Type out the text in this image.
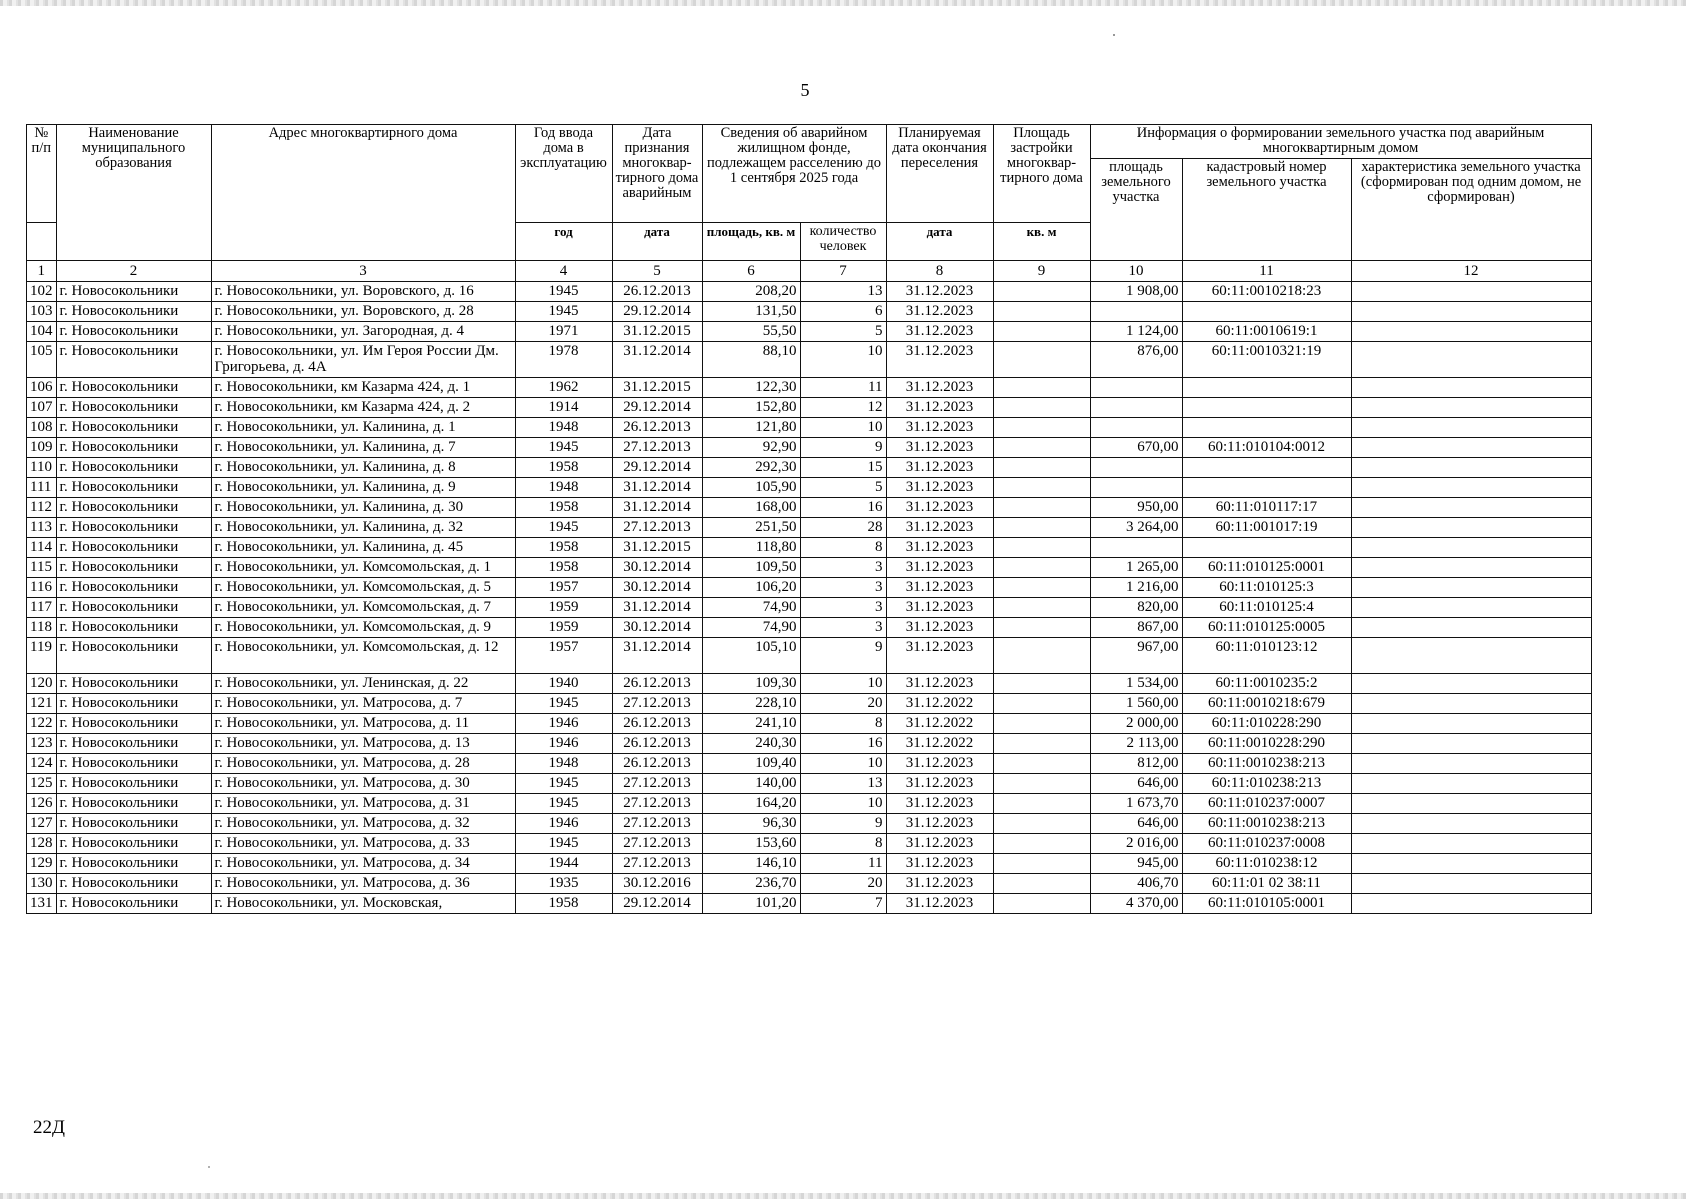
5
№ п/п	Наименование муниципального образования	Адрес многоквартирного дома	Год ввода дома в эксплуатацию	Дата признания многоквар-тирного дома аварийным	Сведения об аварийном жилищном фонде, подлежащем расселению до 1 сентября 2025 года		Планируемая дата окончания переселения	Площадь застройки многоквар-тирного дома	Информация о формировании земельного участка под аварийным многоквартирным домом		
									площадь земельного участка	кадастровый номер земельного участка	характеристика земельного участка (сформирован под одним домом, не сформирован)
			год	дата	площадь, кв. м	количество человек	дата	кв. м			

1	2	3	4	5	6	7	8	9	10	11	12
102	г. Новосокольники	г. Новосокольники, ул. Воровского, д. 16	1945	26.12.2013	208,20	13	31.12.2023		1 908,00	60:11:0010218:23	
103	г. Новосокольники	г. Новосокольники, ул. Воровского, д. 28	1945	29.12.2014	131,50	6	31.12.2023				
104	г. Новосокольники	г. Новосокольники, ул. Загородная, д. 4	1971	31.12.2015	55,50	5	31.12.2023		1 124,00	60:11:0010619:1	
105	г. Новосокольники	г. Новосокольники, ул. Им Героя России Дм. Григорьева, д. 4А	1978	31.12.2014	88,10	10	31.12.2023		876,00	60:11:0010321:19	
106	г. Новосокольники	г. Новосокольники, км Казарма 424, д. 1	1962	31.12.2015	122,30	11	31.12.2023				
107	г. Новосокольники	г. Новосокольники, км Казарма 424, д. 2	1914	29.12.2014	152,80	12	31.12.2023				
108	г. Новосокольники	г. Новосокольники, ул. Калинина, д. 1	1948	26.12.2013	121,80	10	31.12.2023				
109	г. Новосокольники	г. Новосокольники, ул. Калинина, д. 7	1945	27.12.2013	92,90	9	31.12.2023		670,00	60:11:010104:0012	
110	г. Новосокольники	г. Новосокольники, ул. Калинина, д. 8	1958	29.12.2014	292,30	15	31.12.2023				
111	г. Новосокольники	г. Новосокольники, ул. Калинина, д. 9	1948	31.12.2014	105,90	5	31.12.2023				
112	г. Новосокольники	г. Новосокольники, ул. Калинина, д. 30	1958	31.12.2014	168,00	16	31.12.2023		950,00	60:11:010117:17	
113	г. Новосокольники	г. Новосокольники, ул. Калинина, д. 32	1945	27.12.2013	251,50	28	31.12.2023		3 264,00	60:11:001017:19	
114	г. Новосокольники	г. Новосокольники, ул. Калинина, д. 45	1958	31.12.2015	118,80	8	31.12.2023				
115	г. Новосокольники	г. Новосокольники, ул. Комсомольская, д. 1	1958	30.12.2014	109,50	3	31.12.2023		1 265,00	60:11:010125:0001	
116	г. Новосокольники	г. Новосокольники, ул. Комсомольская, д. 5	1957	30.12.2014	106,20	3	31.12.2023		1 216,00	60:11:010125:3	
117	г. Новосокольники	г. Новосокольники, ул. Комсомольская, д. 7	1959	31.12.2014	74,90	3	31.12.2023		820,00	60:11:010125:4	
118	г. Новосокольники	г. Новосокольники, ул. Комсомольская, д. 9	1959	30.12.2014	74,90	3	31.12.2023		867,00	60:11:010125:0005	
119	г. Новосокольники	г. Новосокольники, ул. Комсомольская, д. 12	1957	31.12.2014	105,10	9	31.12.2023		967,00	60:11:010123:12	
120	г. Новосокольники	г. Новосокольники, ул. Ленинская, д. 22	1940	26.12.2013	109,30	10	31.12.2023		1 534,00	60:11:0010235:2	
121	г. Новосокольники	г. Новосокольники, ул. Матросова, д. 7	1945	27.12.2013	228,10	20	31.12.2022		1 560,00	60:11:0010218:679	
122	г. Новосокольники	г. Новосокольники, ул. Матросова, д. 11	1946	26.12.2013	241,10	8	31.12.2022		2 000,00	60:11:010228:290	
123	г. Новосокольники	г. Новосокольники, ул. Матросова, д. 13	1946	26.12.2013	240,30	16	31.12.2022		2 113,00	60:11:0010228:290	
124	г. Новосокольники	г. Новосокольники, ул. Матросова, д. 28	1948	26.12.2013	109,40	10	31.12.2023		812,00	60:11:0010238:213	
125	г. Новосокольники	г. Новосокольники, ул. Матросова, д. 30	1945	27.12.2013	140,00	13	31.12.2023		646,00	60:11:010238:213	
126	г. Новосокольники	г. Новосокольники, ул. Матросова, д. 31	1945	27.12.2013	164,20	10	31.12.2023		1 673,70	60:11:010237:0007	
127	г. Новосокольники	г. Новосокольники, ул. Матросова, д. 32	1946	27.12.2013	96,30	9	31.12.2023		646,00	60:11:0010238:213	
128	г. Новосокольники	г. Новосокольники, ул. Матросова, д. 33	1945	27.12.2013	153,60	8	31.12.2023		2 016,00	60:11:010237:0008	
129	г. Новосокольники	г. Новосокольники, ул. Матросова, д. 34	1944	27.12.2013	146,10	11	31.12.2023		945,00	60:11:010238:12	
130	г. Новосокольники	г. Новосокольники, ул. Матросова, д. 36	1935	30.12.2016	236,70	20	31.12.2023		406,70	60:11:01 02 38:11	
131	г. Новосокольники	г. Новосокольники, ул. Московская,	1958	29.12.2014	101,20	7	31.12.2023		4 370,00	60:11:010105:0001	
22Д
